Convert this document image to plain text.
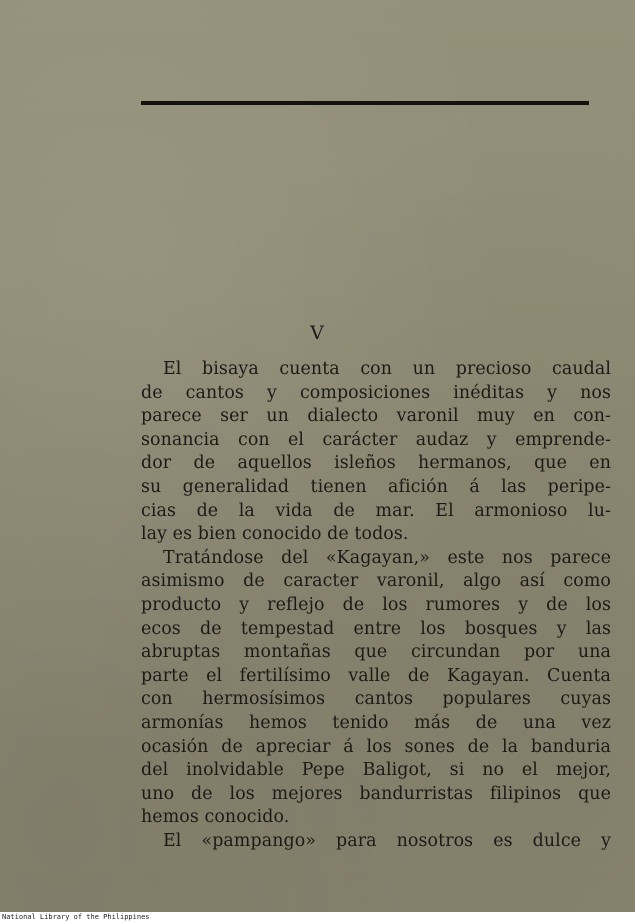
V
El bisaya cuenta con un precioso caudal
de cantos y composiciones inéditas y nos
parece ser un dialecto varonil muy en con-
sonancia con el carácter audaz y emprende-
dor de aquellos isleños hermanos, que en
su generalidad tienen afición á las peripe-
cias de la vida de mar. El armonioso lu-
lay es bien conocido de todos.
Tratándose del «Kagayan,» este nos parece
asimismo de caracter varonil, algo así como
producto y reflejo de los rumores y de los
ecos de tempestad entre los bosques y las
abruptas montañas que circundan por una
parte el fertilísimo valle de Kagayan. Cuenta
con hermosísimos cantos populares cuyas
armonías hemos tenido más de una vez
ocasión de apreciar á los sones de la banduria
del inolvidable Pepe Baligot, si no el mejor,
uno de los mejores bandurristas filipinos que
hemos conocido.
El «pampango» para nosotros es dulce y
National Library of the Philippines
